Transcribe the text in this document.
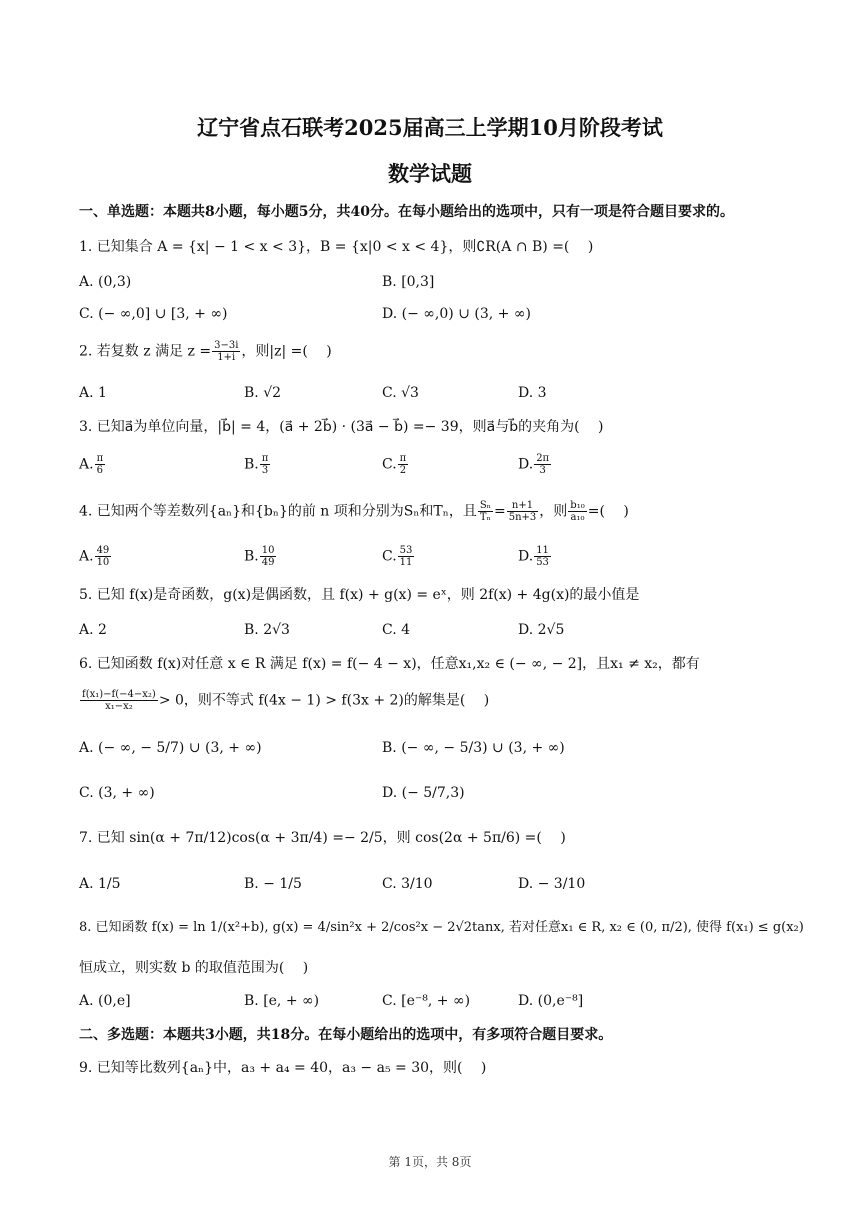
辽宁省点石联考2025届高三上学期10月阶段考试
数学试题
一、单选题：本题共8小题，每小题5分，共40分。在每小题给出的选项中，只有一项是符合题目要求的。
1. 已知集合 A = {x| − 1 < x < 3}，B = {x|0 < x < 4}，则∁R(A ∩ B) =(　 )
A. (0,3)	B. [0,3]
C. (− ∞,0] ∪ [3, + ∞)	D. (− ∞,0) ∪ (3, + ∞)
2. 若复数 z 满足 $z = \frac{3-3i}{1+i}$ ，则|z| =(　 )
A. 1	B. √2	C. √3	D. 3
3. 已知a⃗为单位向量，|b⃗| = 4，(a⃗ + 2b⃗) · (3a⃗ − b⃗) =− 39，则a⃗与b⃗的夹角为(　 )
A. $\frac{\pi}{6}$	B. $\frac{\pi}{3}$	C. $\frac{\pi}{2}$	D. $\frac{2\pi}{3}$
4. 已知两个等差数列{aₙ}和{bₙ}的前 n 项和分别为Sₙ和Tₙ，且 $\frac{\text{Sₙ}}{\text{Tₙ}} = \frac{n+1}{5n+3}$ ，则 $\frac{\text{b₁₀}}{\text{a₁₀}}$ =(　 )
A. $\frac{49}{10}$	B. $\frac{10}{49}$	C. $\frac{53}{11}$	D. $\frac{11}{53}$
5. 已知 f(x)是奇函数，g(x)是偶函数，且 f(x) + g(x) = eˣ，则 2f(x) + 4g(x)的最小值是
A. 2	B. 2√3	C. 4	D. 2√5
6. 已知函数 f(x)对任意 x ∈ R 满足 f(x) = f(− 4 − x)，任意x₁,x₂ ∈ (− ∞, − 2]，且x₁ ≠ x₂，都有
$\frac{\text{f(x₁)−f(−4−x₂)}}{\text{x₁−x₂}} > 0$，则不等式 f(4x − 1) > f(3x + 2)的解集是(　 )
A. (− ∞, − 5/7) ∪ (3, + ∞)	B. (− ∞, − 5/3) ∪ (3, + ∞)
C. (3, + ∞)	D. (− 5/7,3)
7. 已知 sin(α + 7π/12)cos(α + 3π/4) =− 2/5，则 cos(2α + 5π/6) =(　 )
A. 1/5	B. − 1/5	C. 3/10	D. − 3/10
8. 已知函数 f(x) = ln 1/(x²+b), g(x) = 4/sin²x + 2/cos²x − 2√2tanx, 若对任意x₁ ∈ R, x₂ ∈ (0, π/2), 使得 f(x₁) ≤ g(x₂)
恒成立，则实数 b 的取值范围为(　 )
A. (0,e]	B. [e, + ∞)	C. [e⁻⁸, + ∞)	D. (0,e⁻⁸]
二、多选题：本题共3小题，共18分。在每小题给出的选项中，有多项符合题目要求。
9. 已知等比数列{aₙ}中，a₃ + a₄ = 40，a₃ − a₅ = 30，则(　 )
第 1页，共 8页
